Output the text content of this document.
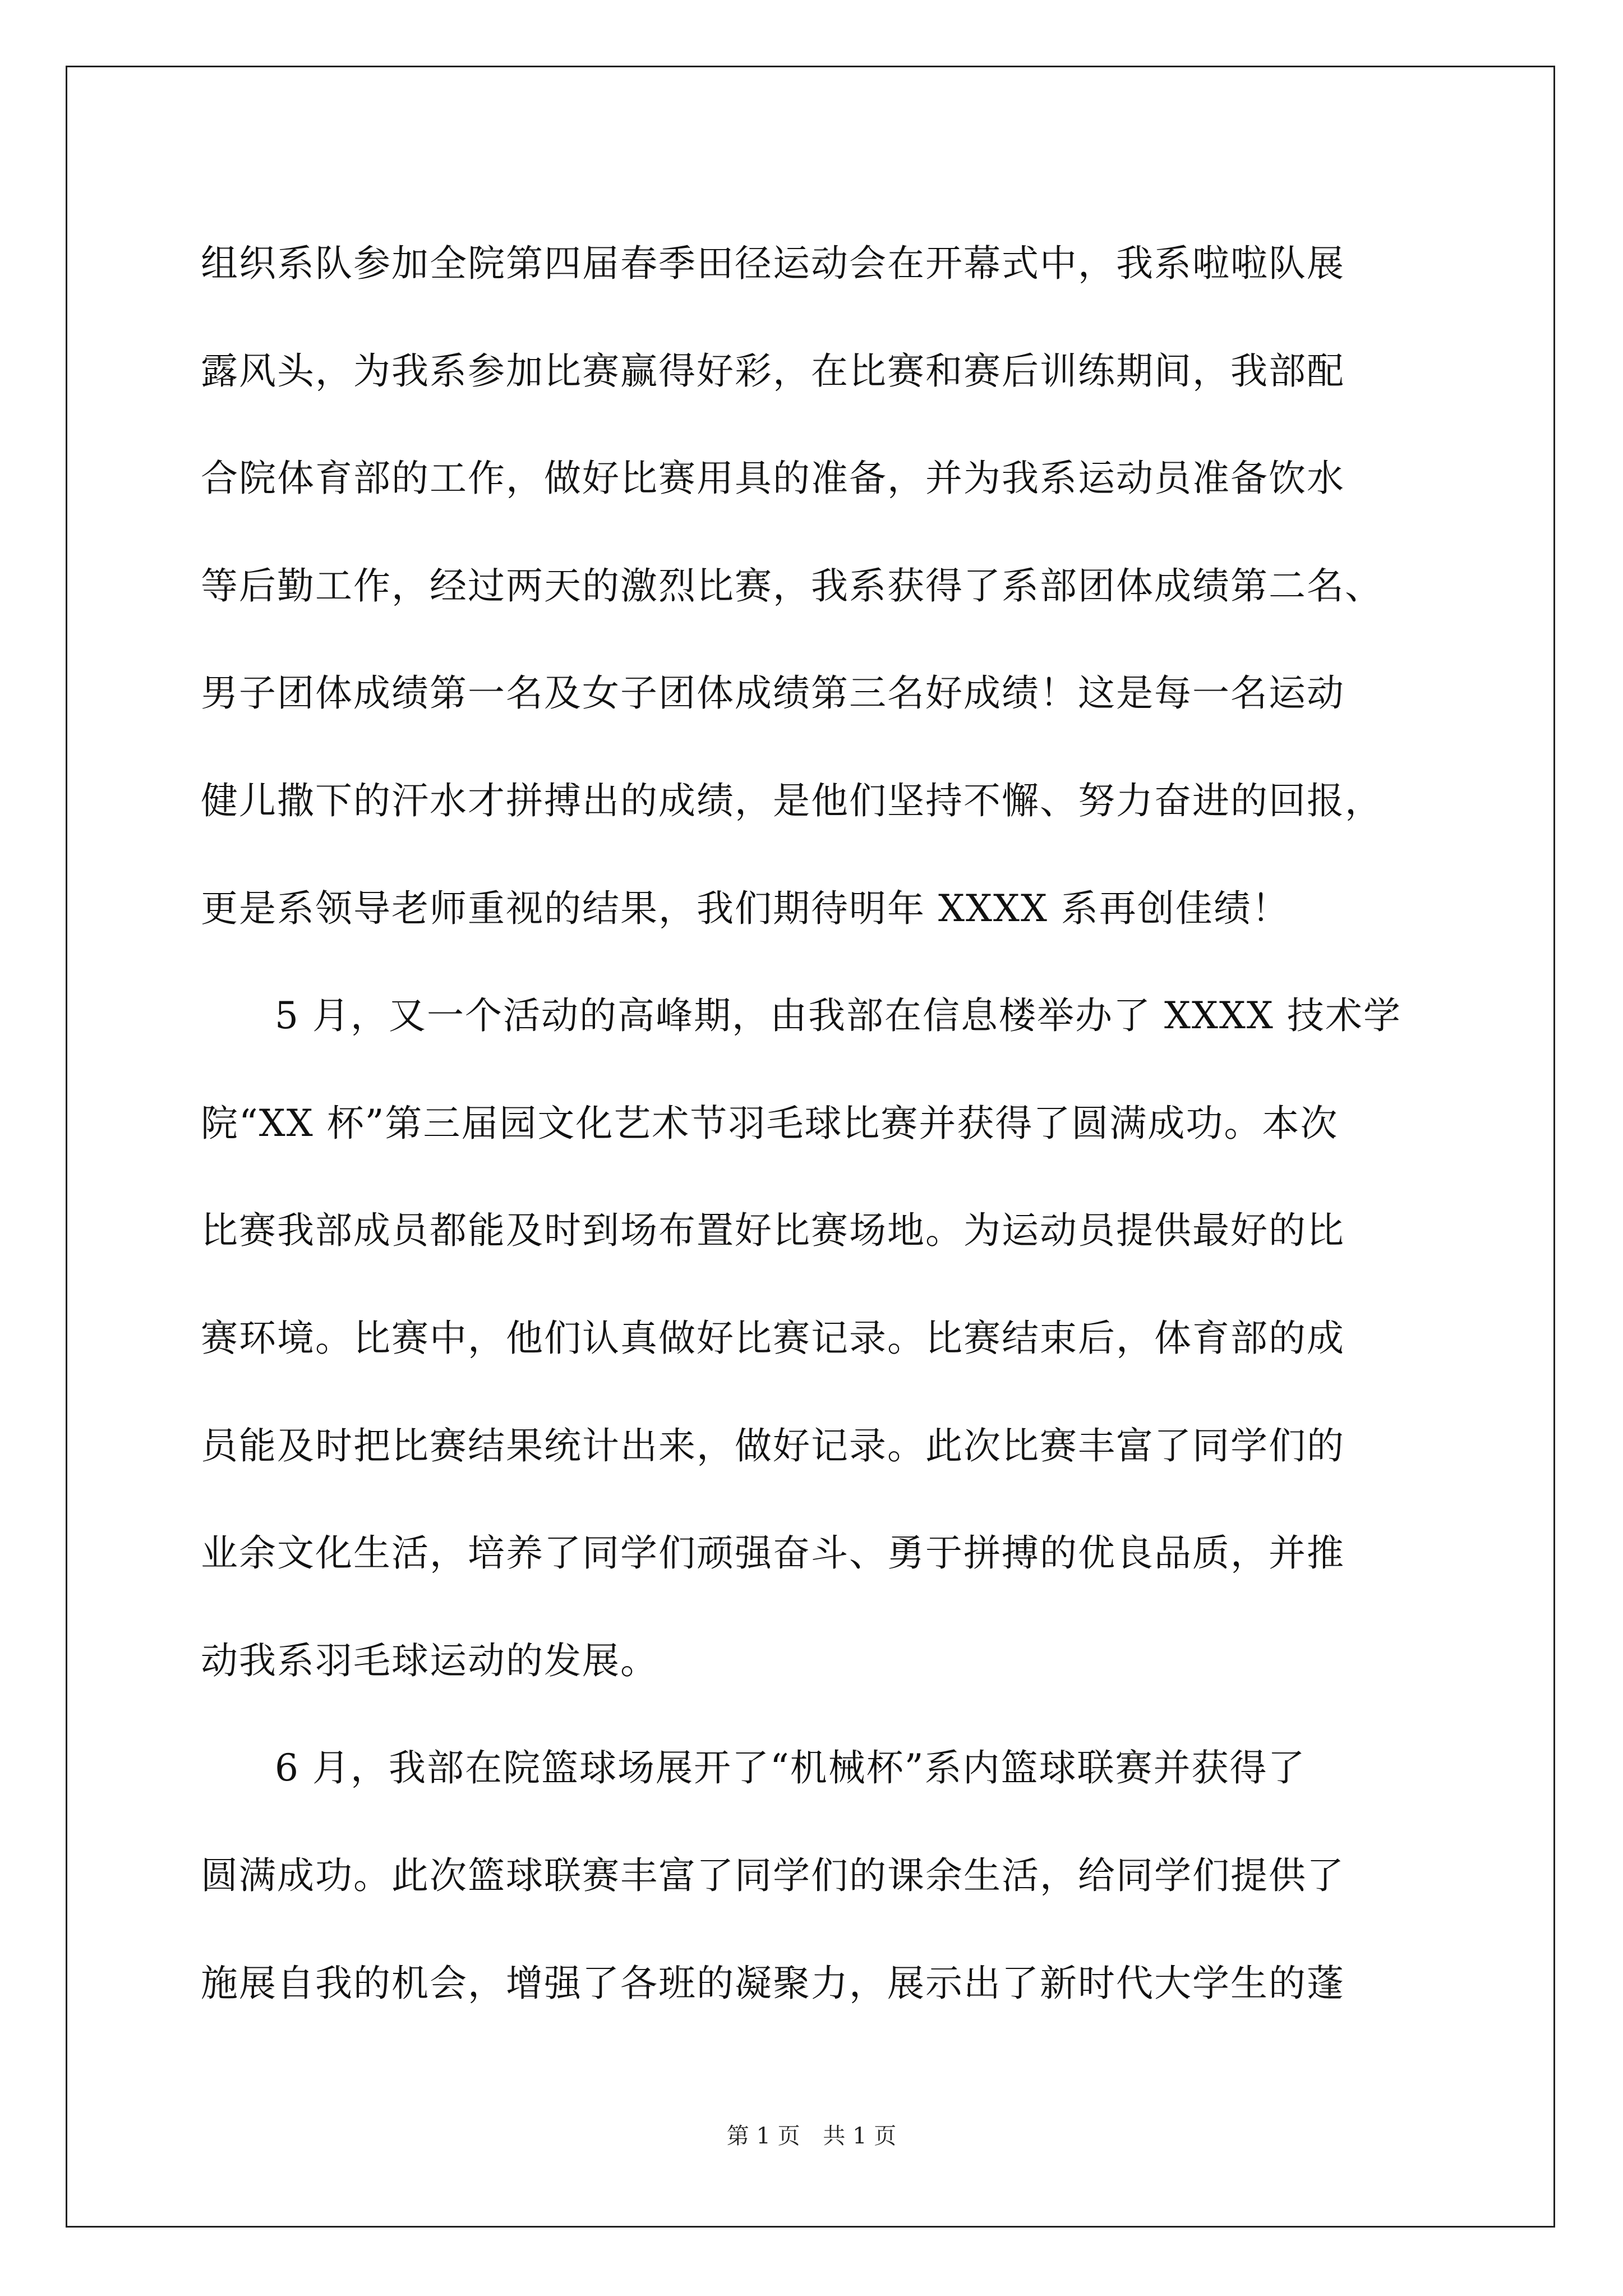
组织系队参加全院第四届春季田径运动会在开幕式中，我系啦啦队展
露风头，为我系参加比赛赢得好彩，在比赛和赛后训练期间，我部配
合院体育部的工作，做好比赛用具的准备，并为我系运动员准备饮水
等后勤工作，经过两天的激烈比赛，我系获得了系部团体成绩第二名、
男子团体成绩第一名及女子团体成绩第三名好成绩！这是每一名运动
健儿撒下的汗水才拼搏出的成绩，是他们坚持不懈、努力奋进的回报，
更是系领导老师重视的结果，我们期待明年 XXXX 系再创佳绩！
5 月，又一个活动的高峰期，由我部在信息楼举办了 XXXX 技术学
院“XX 杯”第三届园文化艺术节羽毛球比赛并获得了圆满成功。本次
比赛我部成员都能及时到场布置好比赛场地。为运动员提供最好的比
赛环境。比赛中，他们认真做好比赛记录。比赛结束后，体育部的成
员能及时把比赛结果统计出来，做好记录。此次比赛丰富了同学们的
业余文化生活，培养了同学们顽强奋斗、勇于拼搏的优良品质，并推
动我系羽毛球运动的发展。
6 月，我部在院篮球场展开了“机械杯”系内篮球联赛并获得了
圆满成功。此次篮球联赛丰富了同学们的课余生活，给同学们提供了
施展自我的机会，增强了各班的凝聚力，展示出了新时代大学生的蓬
第 1 页 共 1 页
